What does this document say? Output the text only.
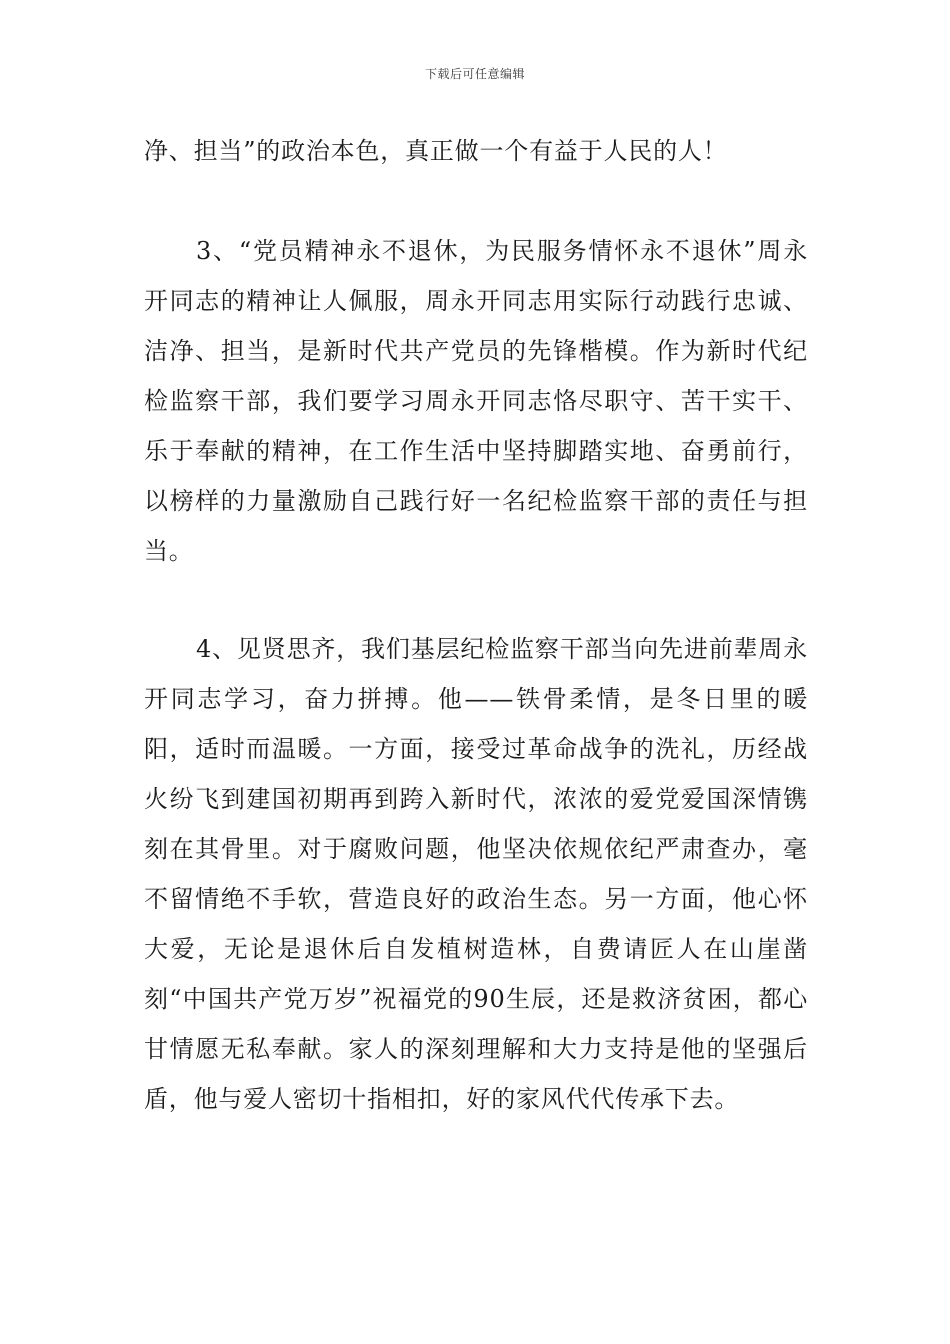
下载后可任意编辑

净、担当”的政治本色，真正做一个有益于人民的人！

3、“党员精神永不退休，为民服务情怀永不退休”周永开同志的精神让人佩服，周永开同志用实际行动践行忠诚、洁净、担当，是新时代共产党员的先锋楷模。作为新时代纪检监察干部，我们要学习周永开同志恪尽职守、苦干实干、乐于奉献的精神，在工作生活中坚持脚踏实地、奋勇前行，以榜样的力量激励自己践行好一名纪检监察干部的责任与担当。

4、见贤思齐，我们基层纪检监察干部当向先进前辈周永开同志学习，奋力拼搏。他——铁骨柔情，是冬日里的暖阳，适时而温暖。一方面，接受过革命战争的洗礼，历经战火纷飞到建国初期再到跨入新时代，浓浓的爱党爱国深情镌刻在其骨里。对于腐败问题，他坚决依规依纪严肃查办，毫不留情绝不手软，营造良好的政治生态。另一方面，他心怀大爱，无论是退休后自发植树造林，自费请匠人在山崖凿刻“中国共产党万岁”祝福党的90生辰，还是救济贫困，都心甘情愿无私奉献。家人的深刻理解和大力支持是他的坚强后盾，他与爱人密切十指相扣，好的家风代代传承下去。
